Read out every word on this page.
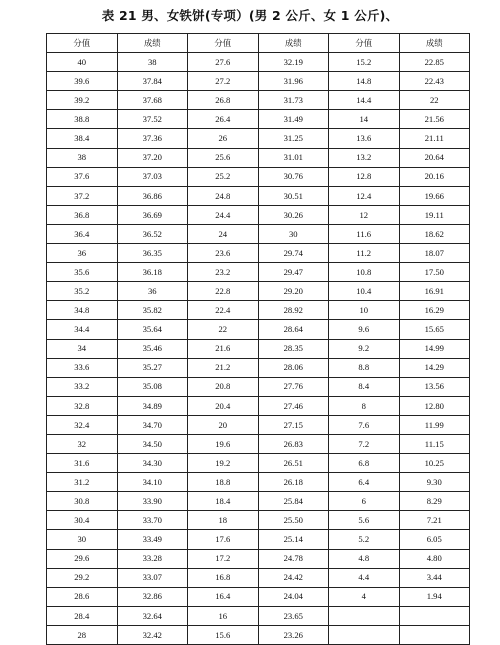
表 21 男、女铁饼(专项）(男 2 公斤、女 1 公斤)、
分值	成绩	分值	成绩	分值	成绩
40	38	27.6	32.19	15.2	22.85
39.6	37.84	27.2	31.96	14.8	22.43
39.2	37.68	26.8	31.73	14.4	22
38.8	37.52	26.4	31.49	14	21.56
38.4	37.36	26	31.25	13.6	21.11
38	37.20	25.6	31.01	13.2	20.64
37.6	37.03	25.2	30.76	12.8	20.16
37.2	36.86	24.8	30.51	12.4	19.66
36.8	36.69	24.4	30.26	12	19.11
36.4	36.52	24	30	11.6	18.62
36	36.35	23.6	29.74	11.2	18.07
35.6	36.18	23.2	29.47	10.8	17.50
35.2	36	22.8	29.20	10.4	16.91
34.8	35.82	22.4	28.92	10	16.29
34.4	35.64	22	28.64	9.6	15.65
34	35.46	21.6	28.35	9.2	14.99
33.6	35.27	21.2	28.06	8.8	14.29
33.2	35.08	20.8	27.76	8.4	13.56
32.8	34.89	20.4	27.46	8	12.80
32.4	34.70	20	27.15	7.6	11.99
32	34.50	19.6	26.83	7.2	11.15
31.6	34.30	19.2	26.51	6.8	10.25
31.2	34.10	18.8	26.18	6.4	9.30
30.8	33.90	18.4	25.84	6	8.29
30.4	33.70	18	25.50	5.6	7.21
30	33.49	17.6	25.14	5.2	6.05
29.6	33.28	17.2	24.78	4.8	4.80
29.2	33.07	16.8	24.42	4.4	3.44
28.6	32.86	16.4	24.04	4	1.94
28.4	32.64	16	23.65		
28	32.42	15.6	23.26		
